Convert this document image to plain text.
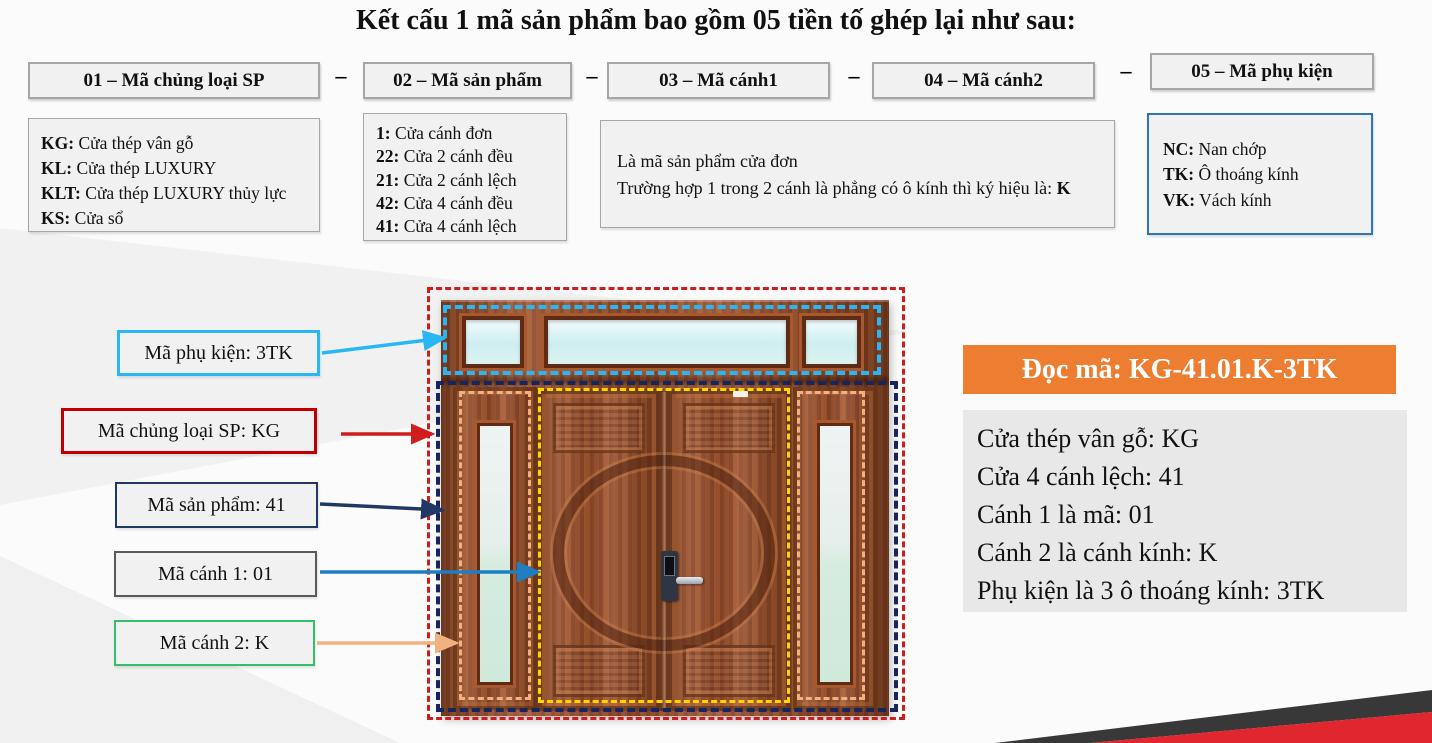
Kết cấu 1 mã sản phẩm bao gồm 05 tiền tố ghép lại như sau:
01 – Mã chủng loại SP	–	02 – Mã sản phẩm	–	03 – Mã cánh1	–	04 – Mã cánh2	–	05 – Mã phụ kiện
KG: Cửa thép vân gỗ
KL: Cửa thép LUXURY
KLT: Cửa thép LUXURY thủy lực
KS: Cửa sổ
1: Cửa cánh đơn
22: Cửa 2 cánh đều
21: Cửa 2 cánh lệch
42: Cửa 4 cánh đều
41: Cửa 4 cánh lệch
Là mã sản phẩm cửa đơn
Trường hợp 1 trong 2 cánh là phẳng có ô kính thì ký hiệu là: K
NC: Nan chớp
TK: Ô thoáng kính
VK: Vách kính
Mã phụ kiện: 3TK
Mã chủng loại SP: KG
Mã sản phẩm: 41
Mã cánh 1: 01
Mã cánh 2: K
Đọc mã: KG-41.01.K-3TK
Cửa thép vân gỗ: KG
Cửa 4 cánh lệch: 41
Cánh 1 là mã: 01
Cánh 2 là cánh kính: K
Phụ kiện là 3 ô thoáng kính: 3TK
